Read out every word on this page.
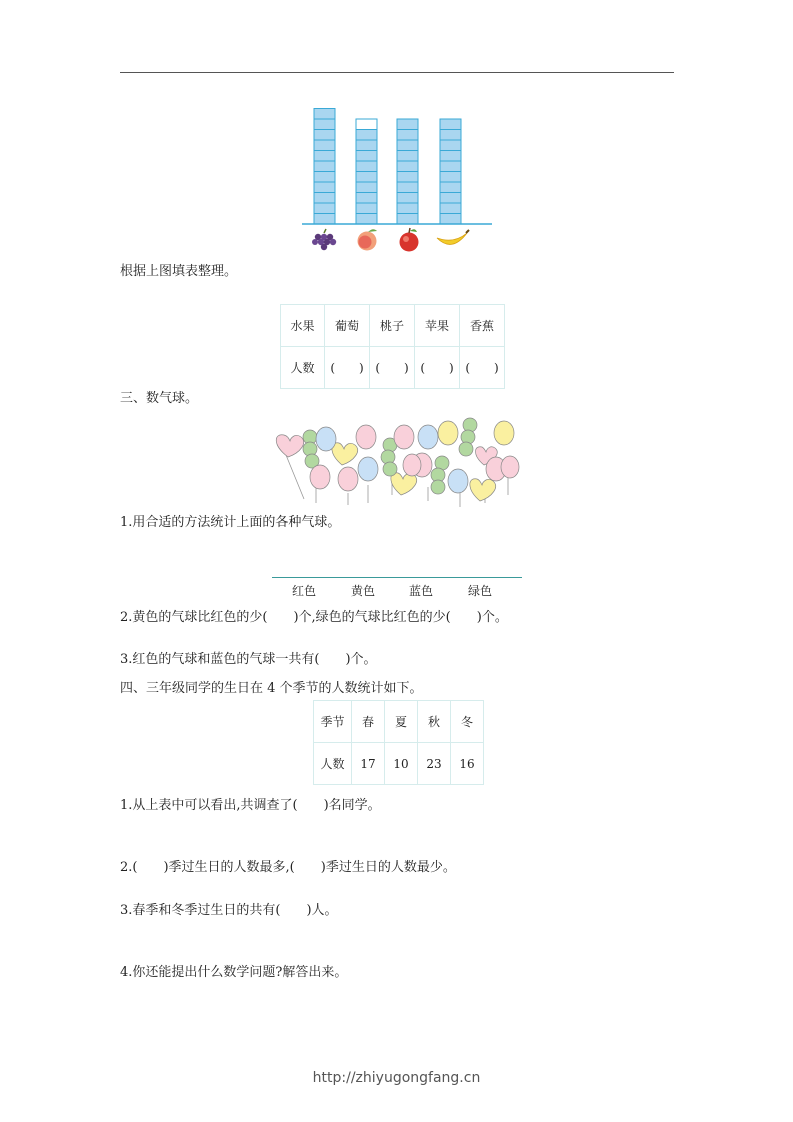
根据上图填表整理。
水果	葡萄	桃子	苹果	香蕉
人数	(　　)	(　　)	(　　)	(　　)
三、数气球。
1.用合适的方法统计上面的各种气球。
红色	黄色	蓝色	绿色
2.黄色的气球比红色的少(　　)个,绿色的气球比红色的少(　　)个。
3.红色的气球和蓝色的气球一共有(　　)个。
四、三年级同学的生日在 4 个季节的人数统计如下。
季节	春	夏	秋	冬
人数	17	10	23	16
1.从上表中可以看出,共调查了(　　)名同学。
2.(　　)季过生日的人数最多,(　　)季过生日的人数最少。
3.春季和冬季过生日的共有(　　)人。
4.你还能提出什么数学问题?解答出来。
http://zhiyugongfang.cn
